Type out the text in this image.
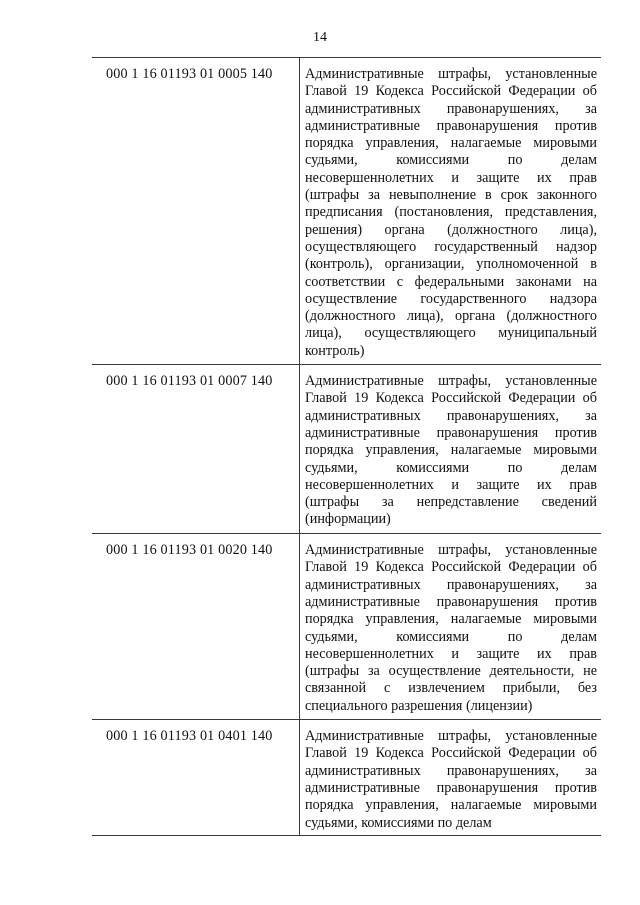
14
000 1 16 01193 01 0005 140	Административные штрафы, установленные Главой 19 Кодекса Российской Федерации об административных правонарушениях, за административные правонарушения против порядка управления, налагаемые мировыми судьями, комиссиями по делам несовершеннолетних и защите их прав (штрафы за невыполнение в срок законного предписания (постановления, представления, решения) органа (должностного лица), осуществляющего государственный надзор (контроль), организации, уполномоченной в соответствии с федеральными законами на осуществление государственного надзора (должностного лица), органа (должностного лица), осуществляющего муниципальный контроль)
000 1 16 01193 01 0007 140	Административные штрафы, установленные Главой 19 Кодекса Российской Федерации об административных правонарушениях, за административные правонарушения против порядка управления, налагаемые мировыми судьями, комиссиями по делам несовершеннолетних и защите их прав (штрафы за непредставление сведений (информации)
000 1 16 01193 01 0020 140	Административные штрафы, установленные Главой 19 Кодекса Российской Федерации об административных правонарушениях, за административные правонарушения против порядка управления, налагаемые мировыми судьями, комиссиями по делам несовершеннолетних и защите их прав (штрафы за осуществление деятельности, не связанной с извлечением прибыли, без специального разрешения (лицензии)
000 1 16 01193 01 0401 140	Административные штрафы, установленные Главой 19 Кодекса Российской Федерации об административных правонарушениях, за административные правонарушения против порядка управления, налагаемые мировыми судьями, комиссиями по делам
